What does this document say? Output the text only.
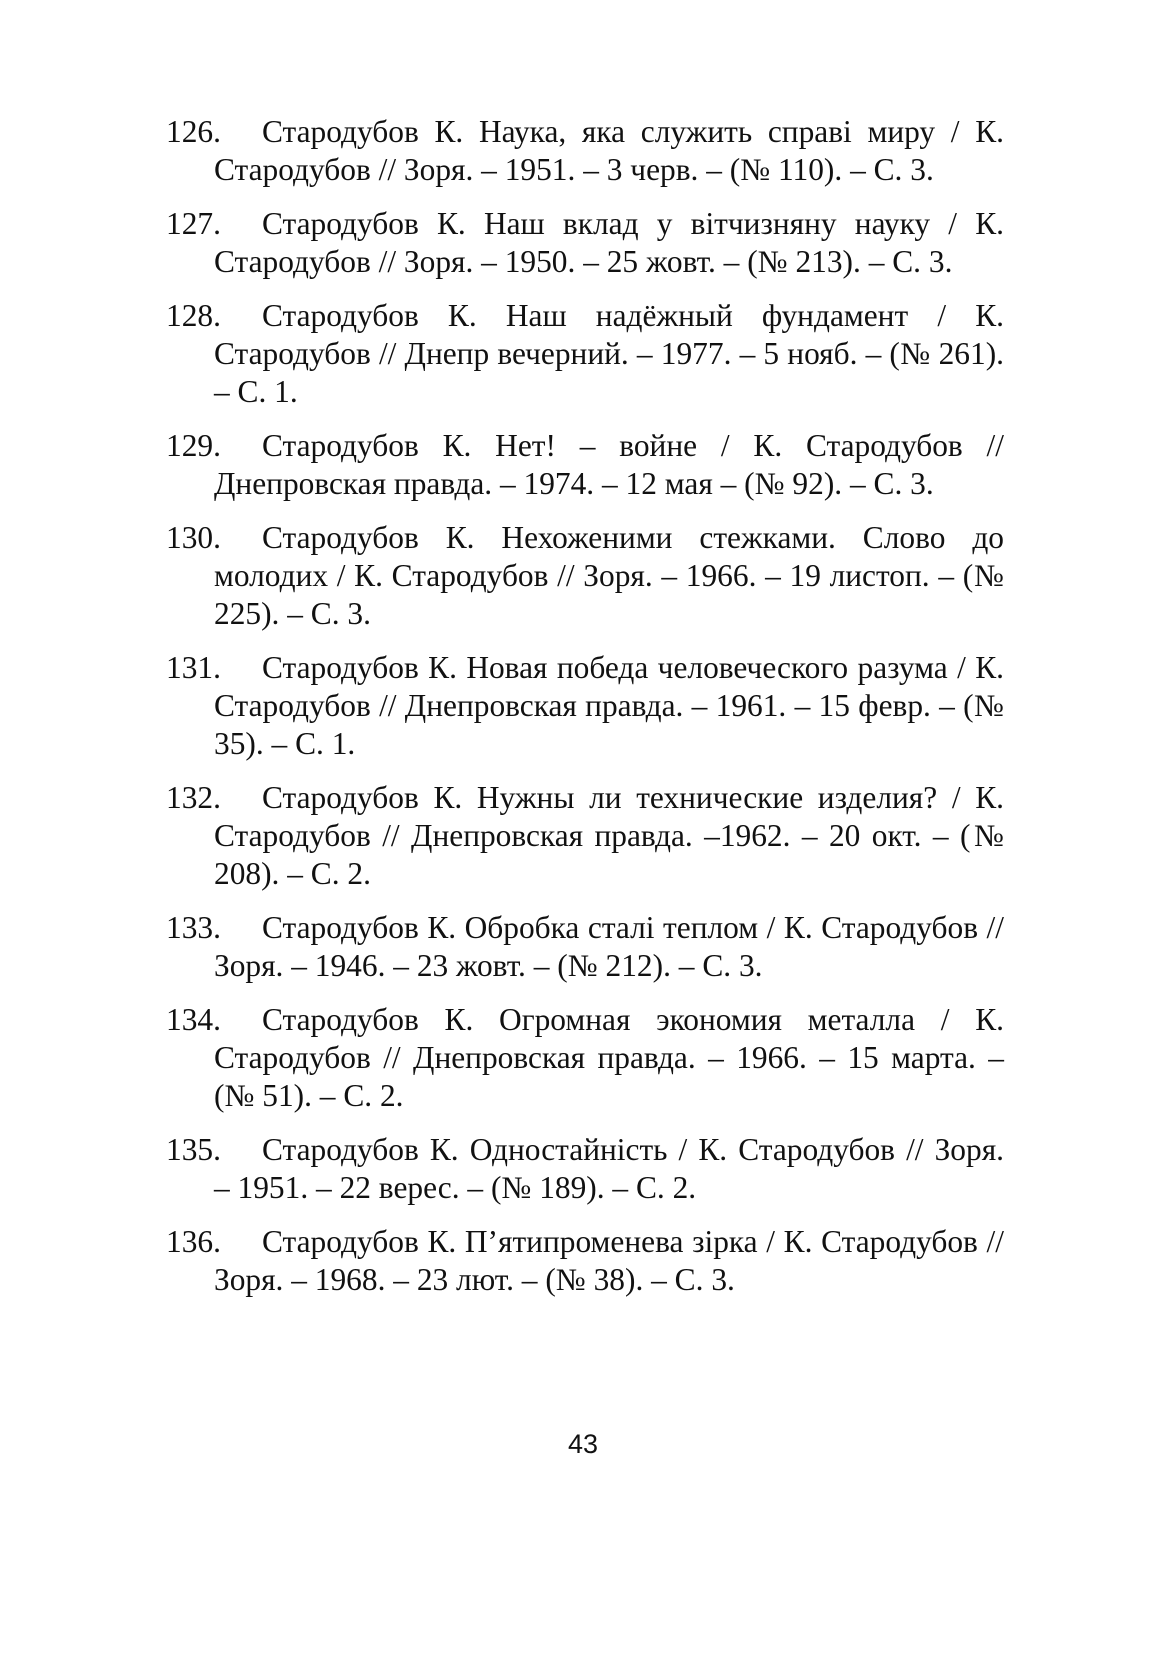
126. Стародубов К. Наука, яка служить справі миру / К. Стародубов // Зоря. – 1951. – 3 черв. – (№ 110). – С. 3.
127. Стародубов К. Наш вклад у вітчизняну науку / К. Стародубов // Зоря. – 1950. – 25 жовт. – (№ 213). – С. 3.
128. Стародубов К. Наш надёжный фундамент / К. Стародубов // Днепр вечерний. – 1977. – 5 нояб. – (№ 261). – С. 1.
129. Стародубов К. Нет! – войне / К. Стародубов // Днепровская правда. – 1974. – 12 мая – (№ 92). – С. 3.
130. Стародубов К. Нехоженими стежками. Слово до молодих / К. Стародубов // Зоря. – 1966. – 19 листоп. – (№ 225). – С. 3.
131. Стародубов К. Новая победа человеческого разума / К. Стародубов // Днепровская правда. – 1961. – 15 февр. – (№ 35). – С. 1.
132. Стародубов К. Нужны ли технические изделия? / К. Стародубов // Днепровская правда. –1962. – 20 окт. – (№ 208). – С. 2.
133. Стародубов К. Обробка сталі теплом / К. Стародубов // Зоря. – 1946. – 23 жовт. – (№ 212). – С. 3.
134. Стародубов К. Огромная экономия металла / К. Стародубов // Днепровская правда. – 1966. – 15 марта. – (№ 51). – С. 2.
135. Стародубов К. Одностайність / К. Стародубов // Зоря. – 1951. – 22 верес. – (№ 189). – С. 2.
136. Стародубов К. П’ятипроменева зірка / К. Стародубов // Зоря. – 1968. – 23 лют. – (№ 38). – С. 3.
43
